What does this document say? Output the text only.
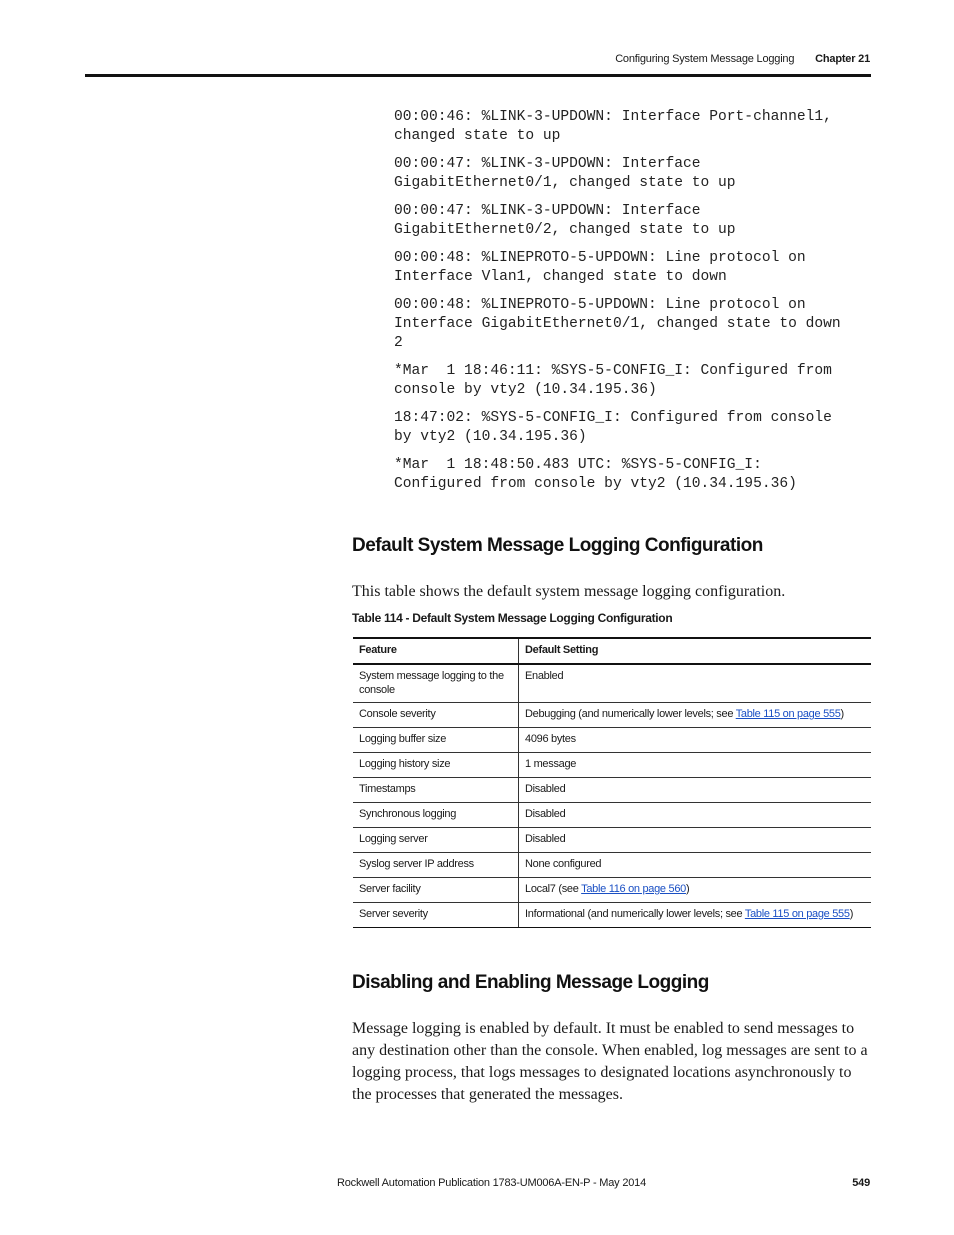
Configuring System Message Logging Chapter 21

00:00:46: %LINK-3-UPDOWN: Interface Port-channel1,
changed state to up

00:00:47: %LINK-3-UPDOWN: Interface
GigabitEthernet0/1, changed state to up

00:00:47: %LINK-3-UPDOWN: Interface
GigabitEthernet0/2, changed state to up

00:00:48: %LINEPROTO-5-UPDOWN: Line protocol on
Interface Vlan1, changed state to down

00:00:48: %LINEPROTO-5-UPDOWN: Line protocol on
Interface GigabitEthernet0/1, changed state to down
2

*Mar  1 18:46:11: %SYS-5-CONFIG_I: Configured from
console by vty2 (10.34.195.36)

18:47:02: %SYS-5-CONFIG_I: Configured from console
by vty2 (10.34.195.36)

*Mar  1 18:48:50.483 UTC: %SYS-5-CONFIG_I:
Configured from console by vty2 (10.34.195.36)

Default System Message Logging Configuration

This table shows the default system message logging configuration.

Table 114 - Default System Message Logging Configuration

Feature	Default Setting
System message logging to the console	Enabled
Console severity	Debugging (and numerically lower levels; see Table 115 on page 555)
Logging buffer size	4096 bytes
Logging history size	1 message
Timestamps	Disabled
Synchronous logging	Disabled
Logging server	Disabled
Syslog server IP address	None configured
Server facility	Local7 (see Table 116 on page 560)
Server severity	Informational (and numerically lower levels; see Table 115 on page 555)
Disabling and Enabling Message Logging

Message logging is enabled by default. It must be enabled to send messages to any destination other than the console. When enabled, log messages are sent to a logging process, that logs messages to designated locations asynchronously to the processes that generated the messages.

Rockwell Automation Publication 1783-UM006A-EN-P - May 2014	549
